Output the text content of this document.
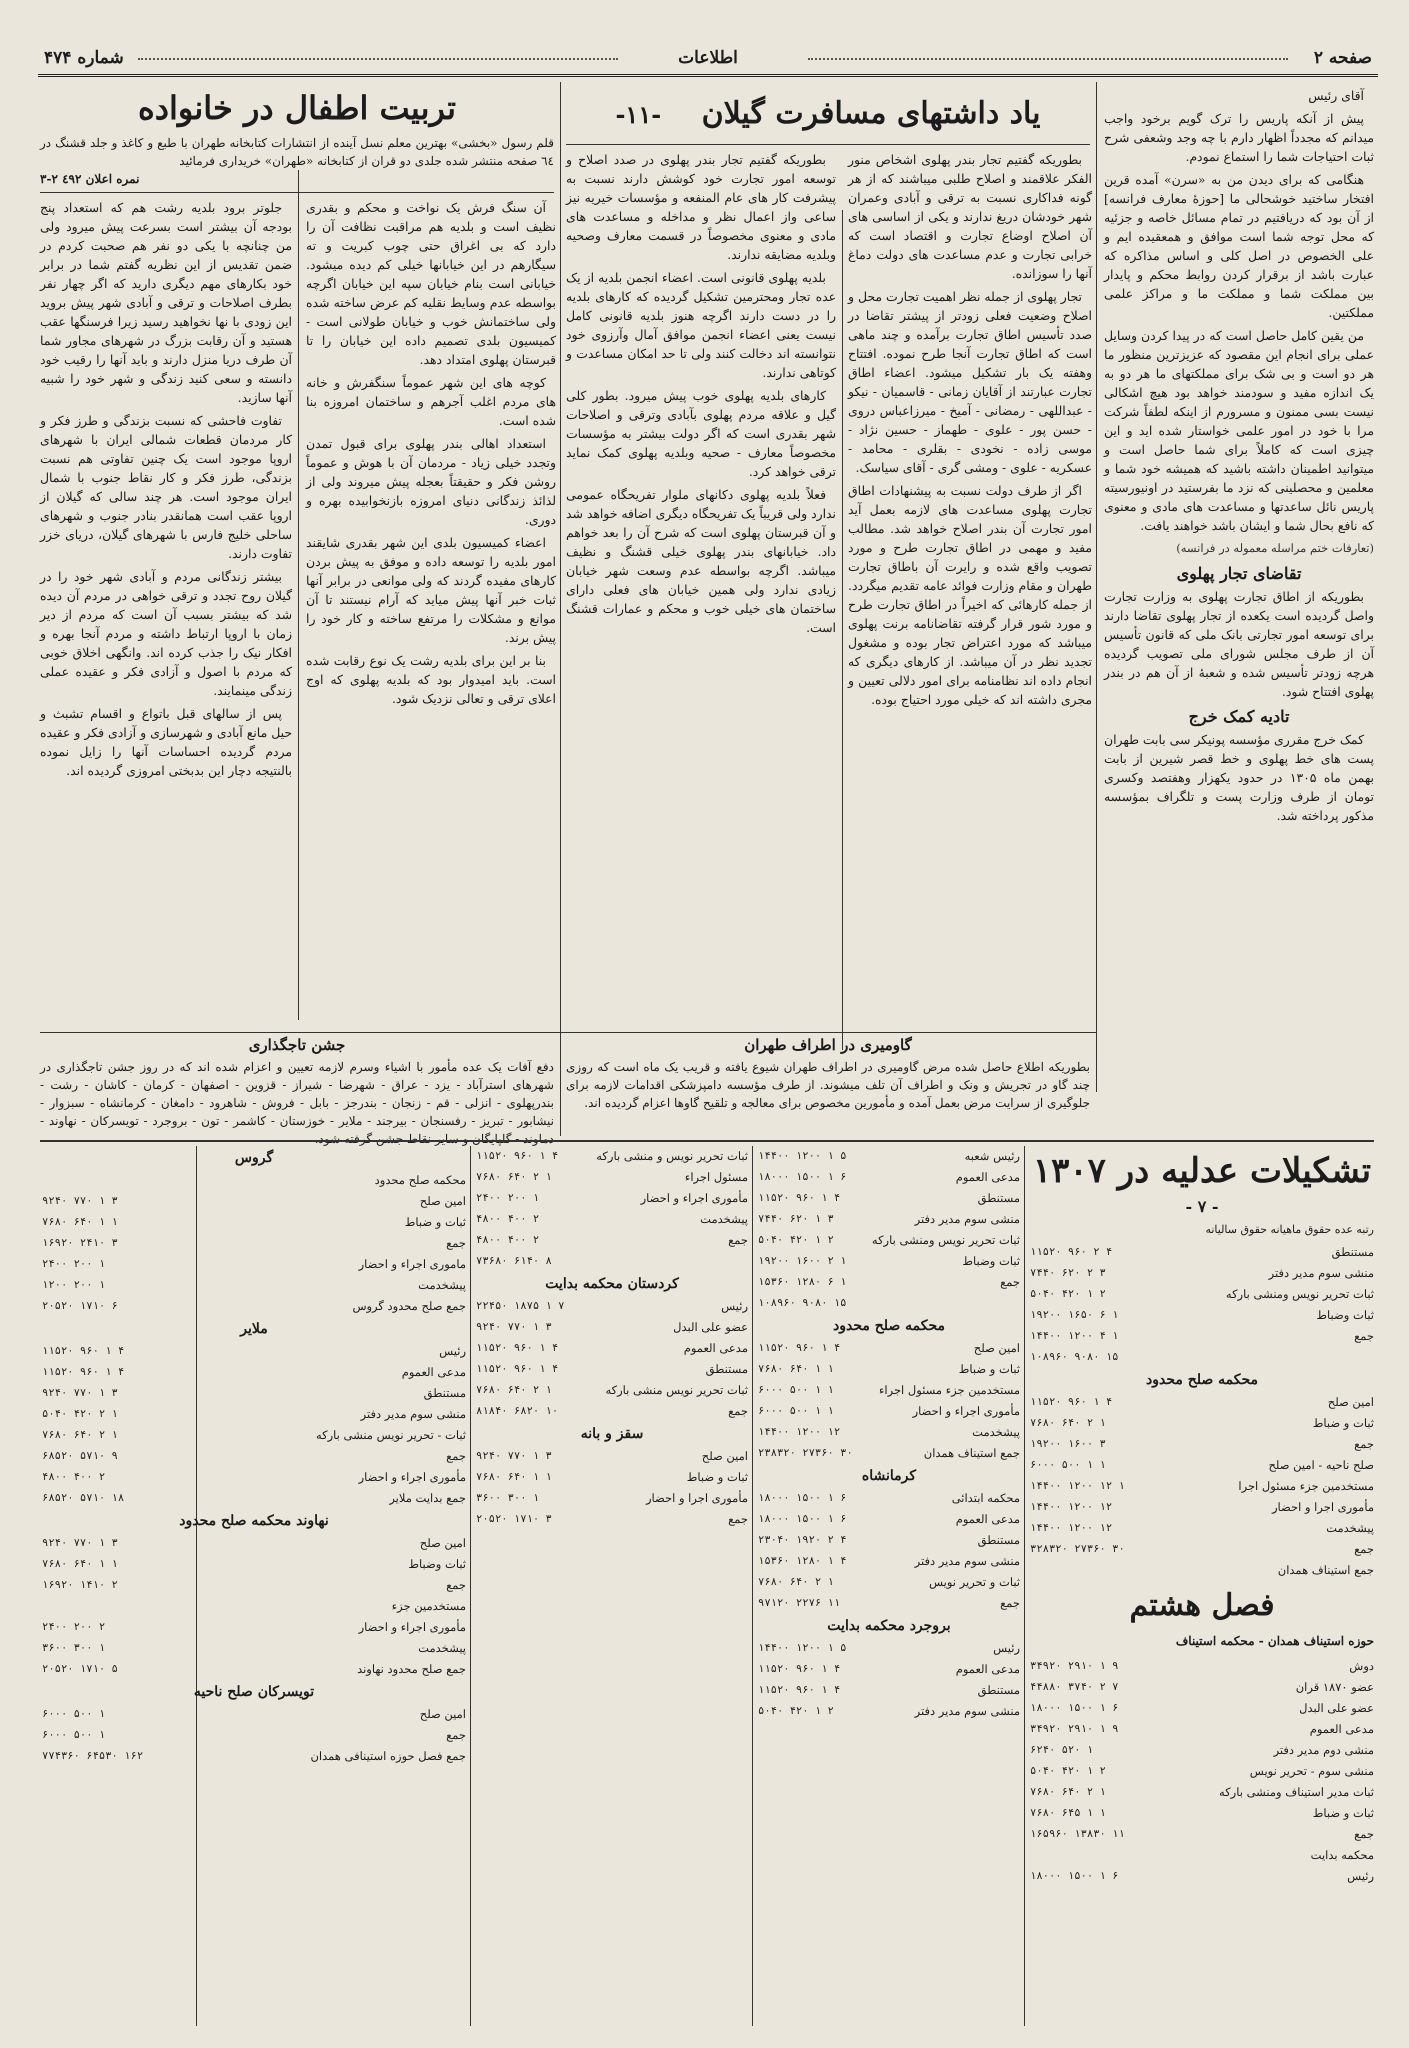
صفحه ۲
اطلاعات
شماره ۴۷۴

آقای رئیس

پیش از آنکه پاریس را ترک گویم برخود واجب میدانم که مجدداً اظهار دارم با چه وجد وشعفی شرح ثبات احتیاجات شما را استماع نمودم.

هنگامی که برای دیدن من به «سرن» آمده قرین افتخار ساختید خوشحالی ما [حوزهٔ معارف فرانسه] از آن بود که دریافتیم در تمام مسائل خاصه و جزئیه که محل توجه شما است موافق و همعقیده ایم و علی الخصوص در اصل کلی و اساس مذاکره که عبارت باشد از برقرار کردن روابط محکم و پایدار بین مملکت شما و مملکت ما و مراکز علمی مملکتین.

من یقین کامل حاصل است که در پیدا کردن وسایل عملی برای انجام این مقصود که عزیزترین منظور ما هر دو است و بی شک برای مملکتهای ما هر دو به یک اندازه مفید و سودمند خواهد بود هیچ اشکالی نیست بسی ممنون و مسرورم از اینکه لطفاً شرکت مرا با خود در امور علمی خواستار شده اید و این چیزی است که کاملاً برای شما حاصل است و میتوانید اطمینان داشته باشید که همیشه خود شما و معلمین و محصلینی که نزد ما بفرستید در اونیورسیته پاریس نائل ساعدتها و مساعدت های مادی و معنوی که نافع بحال شما و ایشان باشد خواهند یافت.

(تعارفات ختم مراسله معموله در فرانسه)

تقاضای تجار پهلوی

بطوریکه از اطاق تجارت پهلوی به وزارت تجارت واصل گردیده است یکعده از تجار پهلوی تقاضا دارند برای توسعه امور تجارتی بانک ملی که قانون تأسیس آن از طرف مجلس شورای ملی تصویب گردیده هرچه زودتر تأسیس شده و شعبهٔ از آن هم در بندر پهلوی افتتاح شود.

تادیه کمک خرج

کمک خرج مقرری مؤسسه پونیکر سی بابت طهران پست های خط پهلوی و خط قصر شیرین از بابت بهمن ماه ۱۳۰۵ در حدود یکهزار وهفتصد وکسری تومان از طرف وزارت پست و تلگراف بمؤسسه مذکور پرداخته شد.

یاد داشتهای مسافرت گیلان -۱۱-

بطوریکه گفتیم تجار بندر پهلوی اشخاص منور الفکر علاقمند و اصلاح طلبی میباشند که از هر گونه فداکاری نسبت به ترقی و آبادی وعمران شهر خودشان دریغ ندارند و یکی از اساسی های آن اصلاح اوضاع تجارت و اقتصاد است که خرابی تجارت و عدم مساعدت های دولت دماغ آنها را سوزانده.

تجار پهلوی از جمله نظر اهمیت تجارت محل و اصلاح وضعیت فعلی زودتر از پیشتر تقاضا در صدد تأسیس اطاق تجارت برآمده و چند ماهی است که اطاق تجارت آنجا طرح نموده. افتتاح وهفته یک بار تشکیل میشود. اعضاء اطاق تجارت عبارتند از آقایان زمانی - قاسمیان - نیکو - عبداللهی - رمضانی - آمیخ - میرزاعباس دروی - حسن پور - علوی - طهماز - حسین نژاد - موسی زاده - نخودی - بقلری - محامد - عسکریه - علوی - ومشی گری - آقای سیاسک.

اگر از طرف دولت نسبت به پیشنهادات اطاق تجارت پهلوی مساعدت های لازمه بعمل آید امور تجارت آن بندر اصلاح خواهد شد. مطالب مفید و مهمی در اطاق تجارت طرح و مورد تصویب واقع شده و رایرت آن باطاق تجارت طهران و مقام وزارت فوائد عامه تقدیم میگردد. از جمله کارهائی که اخیراً در اطاق تجارت طرح و مورد شور قرار گرفته تقاضانامه برنت پهلوی میباشد که مورد اعتراض تجار بوده و مشغول تجدید نظر در آن میباشد. از کارهای دیگری که انجام داده اند نظامنامه برای امور دلالی تعیین و مجری داشته اند که خیلی مورد احتیاج بوده.

بطوریکه گفتیم تجار بندر پهلوی در صدد اصلاح و توسعه امور تجارت خود کوشش دارند نسبت به پیشرفت کار های عام المنفعه و مؤسسات خیریه نیز ساعی واز اعمال نظر و مداخله و مساعدت های مادی و معنوی مخصوصاً در قسمت معارف وصحیه وبلدیه مضایقه ندارند.

بلدیه پهلوی قانونی است. اعضاء انجمن بلدیه از یک عده تجار ومحترمین تشکیل گردیده که کارهای بلدیه را در دست دارند اگرچه هنوز بلدیه قانونی کامل نیست یعنی اعضاء انجمن موافق آمال وآرزوی خود نتوانسته اند دخالت کنند ولی تا حد امکان مساعدت و کوتاهی ندارند.

کارهای بلدیه پهلوی خوب پیش میرود. بطور کلی گیل و علاقه مردم پهلوی بآبادی وترقی و اصلاحات شهر بقدری است که اگر دولت بیشتر به مؤسسات مخصوصاً معارف - صحیه وبلدیه پهلوی کمک نماید ترقی خواهد کرد.

فعلاً بلدیه پهلوی دکانهای ملوار تفریحگاه عمومی ندارد ولی قریباً یک تفریحگاه دیگری اضافه خواهد شد و آن قبرستان پهلوی است که شرح آن را بعد خواهم داد. خیابانهای بندر پهلوی خیلی قشنگ و نظیف میباشد. اگرچه بواسطه عدم وسعت شهر خیابان زیادی ندارد ولی همین خیابان های فعلی دارای ساختمان های خیلی خوب و محکم و عمارات قشنگ است.

تربیت اطفال در خانواده
قلم رسول «بخشی» بهترین معلم نسل آینده از انتشارات کتابخانه طهران با طبع و کاغذ و جلد قشنگ در ٦٤ صفحه منتشر شده جلدی دو قران از کتابخانه «طهران» خریداری فرمائید
نمره اعلان ٤٩٢ ۲-۳

آن سنگ فرش یک نواخت و محکم و بقدری نظیف است و بلدیه هم مراقبت نظافت آن را دارد که بی اغراق حتی چوب کبریت و ته سیگارهم در این خیابانها خیلی کم دیده میشود. خیابانی است بنام خیابان سپه این خیابان اگرچه بواسطه عدم وسایط نقلیه کم عرض ساخته شده ولی ساختمانش خوب و خیابان طولانی است - کمیسیون بلدی تصمیم داده این خیابان را تا قبرستان پهلوی امتداد دهد.

کوچه های این شهر عموماً سنگفرش و خانه های مردم اغلب آجرهم و ساختمان امروزه بنا شده است.

استعداد اهالی بندر پهلوی برای قبول تمدن وتجدد خیلی زیاد - مردمان آن با هوش و عموماً روشن فکر و حقیقتاً بعجله پیش میروند ولی از لذائذ زندگانی دنیای امروزه بازنخوابیده بهره و دوری.

اعضاء کمیسیون بلدی این شهر بقدری شایقند امور بلدیه را توسعه داده و موفق به پیش بردن کارهای مفیده گردند که ولی موانعی در برابر آنها ثبات خبر آنها پیش میاید که آرام نیستند تا آن موانع و مشکلات را مرتفع ساخته و کار خود را پیش برند.

بنا بر این برای بلدیه رشت یک نوع رقابت شده است. باید امیدوار بود که بلدیه پهلوی که اوج اعلای ترقی و تعالی نزدیک شود.

جلوتر برود بلدیه رشت هم که استعداد پنج بودجه آن بیشتر است بسرعت پیش میرود ولی من چنانچه با یکی دو نفر هم صحبت کردم در ضمن تقدیس از این نظریه گفتم شما در برابر خود بکارهای مهم دیگری دارید که اگر چهار نفر بطرف اصلاحات و ترقی و آبادی شهر پیش بروید این زودی با نها نخواهید رسید زیرا فرسنگها عقب هستید و آن رقابت بزرگ در شهرهای مجاور شما آن طرف دریا منزل دارند و باید آنها را رقیب خود دانسته و سعی کنید زندگی و شهر خود را شبیه آنها سازید.

تفاوت فاحشی که نسبت بزندگی و طرز فکر و کار مردمان قطعات شمالی ایران با شهرهای اروپا موجود است یک چنین تفاوتی هم نسبت بزندگی، طرز فکر و کار نقاط جنوب با شمال ایران موجود است. هر چند سالی که گیلان از اروپا عقب است همانقدر بنادر جنوب و شهرهای ساحلی خلیج فارس با شهرهای گیلان، دریای خزر تفاوت دارند.

بیشتر زندگانی مردم و آبادی شهر خود را در گیلان روح تجدد و ترقی خواهی در مردم آن دیده شد که بیشتر بسبب آن است که مردم از دیر زمان با اروپا ارتباط داشته و مردم آنجا بهره و افکار نیک را جذب کرده اند. وانگهی اخلاق خوبی که مردم با اصول و آزادی فکر و عقیده عملی زندگی مینمایند.

پس از سالهای قبل باتواع و اقسام تشبث و حیل مانع آبادی و شهرسازی و آزادی فکر و عقیده مردم گردیده احساسات آنها را زایل نموده بالنتیجه دچار این بدبختی امروزی گردیده اند.

گاومیری در اطراف طهران
بطوریکه اطلاع حاصل شده مرض گاومیری در اطراف طهران شیوع یافته و قریب یک ماه است که روزی چند گاو در تجریش و ونک و اطراف آن تلف میشوند. از طرف مؤسسه دامپزشکی اقدامات لازمه برای جلوگیری از سرایت مرض بعمل آمده و مأمورین مخصوص برای معالجه و تلقیح گاوها اعزام گردیده اند.
جشن تاجگذاری
دفع آفات یک عده مأمور با اشیاء وسرم لازمه تعیین و اعزام شده اند که در روز جشن تاجگذاری در شهرهای استرآباد - یزد - عراق - شهرضا - شیراز - قزوین - اصفهان - کرمان - کاشان - رشت - بندرپهلوی - انزلی - قم - زنجان - بندرجز - بابل - فروش - شاهرود - دامغان - کرمانشاه - سبزوار - نیشابور - تبریز - رفسنجان - بیرجند - ملایر - خوزستان - کاشمر - تون - بروجرد - تویسرکان - نهاوند - دماوند - گلپایگان و سایر نقاط جشن گرفته شود.
تشکیلات عدلیه در ۱۳۰۷
- ۷ -
رتبه عده حقوق ماهیانه حقوق سالیانه
مستنطق
۱۱۵۲۰ ۹۶۰ ۲ ۴
منشی سوم مدیر دفتر
۷۴۴۰ ۶۲۰ ۲ ۳
ثبات تحریر نویس ومنشی بارکه
۵۰۴۰ ۴۲۰ ۱ ۲
ثبات وضباط
۱۹۲۰۰ ۱۶۵۰ ۶ ۱
جمع
۱۴۴۰۰ ۱۲۰۰ ۴ ۱
۱۰۸۹۶۰ ۹۰۸۰ ۱۵
محکمه صلح محدود
امین صلح
۱۱۵۲۰ ۹۶۰ ۱ ۴
ثبات و ضباط
۷۶۸۰ ۶۴۰ ۲ ۱
جمع
۱۹۲۰۰ ۱۶۰۰ ۳
صلح ناحیه - امین صلح
۶۰۰۰ ۵۰۰ ۱ ۱
مستخدمین جزء مسئول اجرا
۱۴۴۰۰ ۱۲۰۰ ۱۲ ۱
مأموری اجرا و احضار
۱۴۴۰۰ ۱۲۰۰ ۱۲
پیشخدمت
۱۴۴۰۰ ۱۲۰۰ ۱۲
جمع
۳۲۸۳۲۰ ۲۷۳۶۰ ۳۰
جمع استیناف همدان
فصل هشتم
حوزه استیناف همدان - محکمه استیناف
دوش
۳۴۹۲۰ ۲۹۱۰ ۱ ۹
عضو ۱۸۷۰ قران
۴۴۸۸۰ ۳۷۴۰ ۲ ۷
عضو علی البدل
۱۸۰۰۰ ۱۵۰۰ ۱ ۶
مدعی العموم
۳۴۹۲۰ ۲۹۱۰ ۱ ۹
منشی دوم مدیر دفتر
۶۲۴۰ ۵۲۰ ۱
منشی سوم - تحریر نویس
۵۰۴۰ ۴۲۰ ۱ ۲
ثبات مدیر استیناف ومنشی بارکه
۷۶۸۰ ۶۴۰ ۲ ۱
ثبات و ضباط
۷۶۸۰ ۶۴۵ ۱ ۱
جمع
۱۶۵۹۶۰ ۱۳۸۳۰ ۱۱
محکمه بدایت
رئیس
۱۸۰۰۰ ۱۵۰۰ ۱ ۶
رئیس شعبه
۱۴۴۰۰ ۱۲۰۰ ۱ ۵
مدعی العموم
۱۸۰۰۰ ۱۵۰۰ ۱ ۶
مستنطق
۱۱۵۲۰ ۹۶۰ ۱ ۴
منشی سوم مدیر دفتر
۷۴۴۰ ۶۲۰ ۱ ۳
ثبات تحریر نویس ومنشی بارکه
۵۰۴۰ ۴۲۰ ۱ ۲
ثبات وضباط
۱۹۲۰۰ ۱۶۰۰ ۲ ۱
جمع
۱۵۳۶۰ ۱۲۸۰ ۶ ۱
۱۰۸۹۶۰ ۹۰۸۰ ۱۵
محکمه صلح محدود
امین صلح
۱۱۵۲۰ ۹۶۰ ۱ ۴
ثبات و ضباط
۷۶۸۰ ۶۴۰ ۱ ۱
مستخدمین جزء مسئول اجراء
۶۰۰۰ ۵۰۰ ۱ ۱
مأموری اجراء و احضار
۶۰۰۰ ۵۰۰ ۱ ۱
پیشخدمت
۱۴۴۰۰ ۱۲۰۰ ۱۲
جمع استیناف همدان
۲۳۸۳۲۰ ۲۷۳۶۰ ۳۰
کرمانشاه
محکمه ابتدائی
۱۸۰۰۰ ۱۵۰۰ ۱ ۶
مدعی العموم
۱۸۰۰۰ ۱۵۰۰ ۱ ۶
مستنطق
۲۳۰۴۰ ۱۹۲۰ ۲ ۴
منشی سوم مدیر دفتر
۱۵۳۶۰ ۱۲۸۰ ۱ ۴
ثبات و تحریر نویس
۷۶۸۰ ۶۴۰ ۲ ۱
جمع
۹۷۱۲۰ ۲۲۷۶ ۱۱
بروجرد محکمه بدایت
رئیس
۱۴۴۰۰ ۱۲۰۰ ۱ ۵
مدعی العموم
۱۱۵۲۰ ۹۶۰ ۱ ۴
مستنطق
۱۱۵۲۰ ۹۶۰ ۱ ۴
منشی سوم مدیر دفتر
۵۰۴۰ ۴۲۰ ۱ ۲
ثبات تحریر نویس و منشی بارکه
۱۱۵۲۰ ۹۶۰ ۱ ۴
مسئول اجراء
۷۶۸۰ ۶۴۰ ۲ ۱
مأموری اجراء و احضار
۲۴۰۰ ۲۰۰ ۱
پیشخدمت
۴۸۰۰ ۴۰۰ ۲
جمع
۴۸۰۰ ۴۰۰ ۲
۷۳۶۸۰ ۶۱۴۰ ۸
کردستان محکمه بدایت
رئیس
۲۲۴۵۰ ۱۸۷۵ ۱ ۷
عضو علی البدل
۹۲۴۰ ۷۷۰ ۱ ۳
مدعی العموم
۱۱۵۲۰ ۹۶۰ ۱ ۴
مستنطق
۱۱۵۲۰ ۹۶۰ ۱ ۴
ثبات تحریر نویس منشی بارکه
۷۶۸۰ ۶۴۰ ۲ ۱
جمع
۸۱۸۴۰ ۶۸۲۰ ۱۰
سقز و بانه
امین صلح
۹۲۴۰ ۷۷۰ ۱ ۳
ثبات و ضباط
۷۶۸۰ ۶۴۰ ۱ ۱
مأموری اجرا و احضار
۳۶۰۰ ۳۰۰ ۱
جمع
۲۰۵۲۰ ۱۷۱۰ ۳
گروس
محکمه صلح محدود
امین صلح
۹۲۴۰ ۷۷۰ ۱ ۳
ثبات و ضباط
۷۶۸۰ ۶۴۰ ۱ ۱
جمع
۱۶۹۲۰ ۲۴۱۰ ۳
ماموری اجراء و احضار
۲۴۰۰ ۲۰۰ ۱
پیشخدمت
۱۲۰۰ ۲۰۰ ۱
جمع صلح محدود گروس
۲۰۵۲۰ ۱۷۱۰ ۶
ملایر
رئیس
۱۱۵۲۰ ۹۶۰ ۱ ۴
مدعی العموم
۱۱۵۲۰ ۹۶۰ ۱ ۴
مستنطق
۹۲۴۰ ۷۷۰ ۱ ۳
منشی سوم مدیر دفتر
۵۰۴۰ ۴۲۰ ۲ ۱
ثبات - تحریر نویس منشی بارکه
۷۶۸۰ ۶۴۰ ۲ ۱
جمع
۶۸۵۲۰ ۵۷۱۰ ۹
مأموری اجراء و احضار
۴۸۰۰ ۴۰۰ ۲
جمع بدایت ملایر
۶۸۵۲۰ ۵۷۱۰ ۱۸
نهاوند محکمه صلح محدود
امین صلح
۹۲۴۰ ۷۷۰ ۱ ۳
ثبات وضباط
۷۶۸۰ ۶۴۰ ۱ ۱
جمع
۱۶۹۲۰ ۱۴۱۰ ۲
مستخدمین جزء
مأموری اجراء و احضار
۲۴۰۰ ۲۰۰ ۲
پیشخدمت
۳۶۰۰ ۳۰۰ ۱
جمع صلح محدود نهاوند
۲۰۵۲۰ ۱۷۱۰ ۵
تویسرکان صلح ناحیه
امین صلح
۶۰۰۰ ۵۰۰ ۱
جمع
۶۰۰۰ ۵۰۰ ۱
جمع فصل حوزه استینافی همدان
۷۷۴۳۶۰ ۶۴۵۳۰ ۱۶۲
